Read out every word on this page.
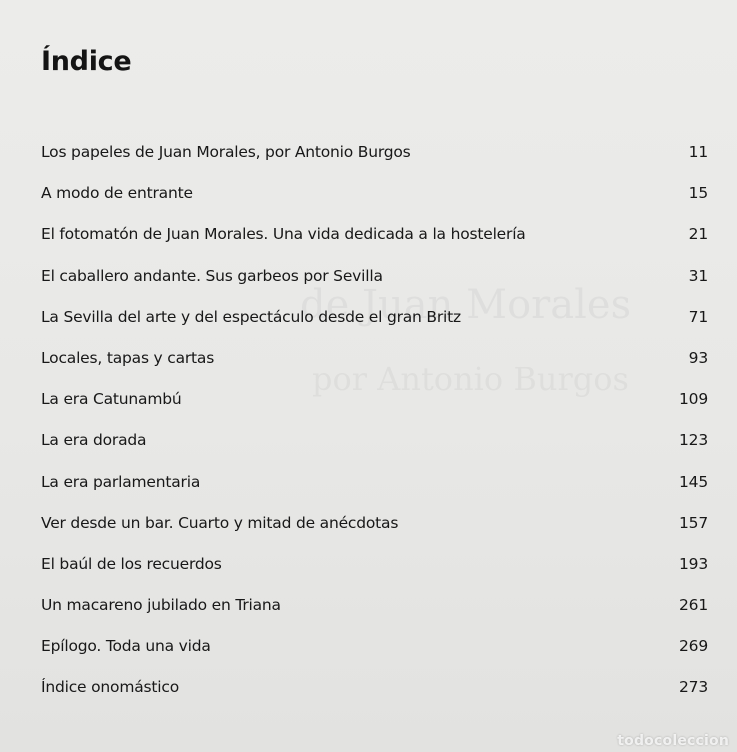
Índice
Los papeles de Juan Morales, por Antonio Burgos	11
A modo de entrante	15
El fotomatón de Juan Morales. Una vida dedicada a la hostelería	21
El caballero andante. Sus garbeos por Sevilla	31
La Sevilla del arte y del espectáculo desde el gran Britz	71
Locales, tapas y cartas	93
La era Catunambú	109
La era dorada	123
La era parlamentaria	145
Ver desde un bar. Cuarto y mitad de anécdotas	157
El baúl de los recuerdos	193
Un macareno jubilado en Triana	261
Epílogo. Toda una vida	269
Índice onomástico	273
todocoleccion
